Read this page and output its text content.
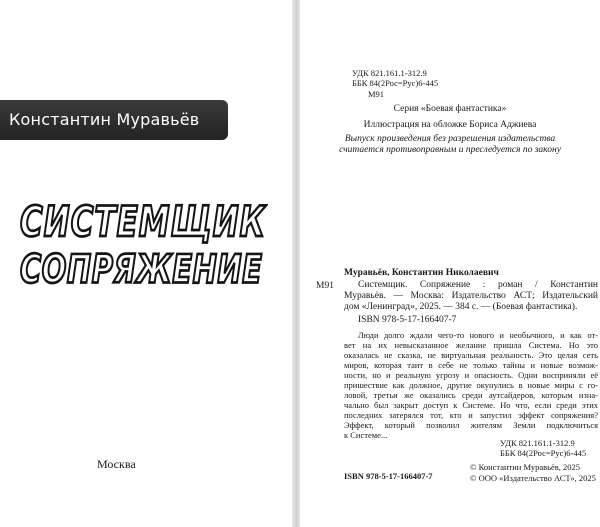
Константин Муравьёв
СИСТЕМЩИК
СОПРЯЖЕНИЕ
Москва
УДК 821.161.1-312.9
ББК 84(2Рос=Рус)6-445
М91
Серия «Боевая фантастика»
Иллюстрация на обложке Бориса Аджиева
Выпуск произведения без разрешения издательства
считается противоправным и преследуется по закону
Муравьёв, Константин Николаевич
М91	Системщик. Сопряжение : роман / Константин
Муравьёв. — Москва: Издательство АСТ; Издательский
дом «Ленинград», 2025. — 384 с. — (Боевая фантастика).
ISBN 978-5-17-166407-7
Люди долго ждали чего-то нового и необычного, и как от-
вет на их невысказанное желание пришла Система. Но это
оказалась не сказка, не виртуальная реальность. Это целая сеть
миров, которая таит в себе не только тайны и новые возмож-
ности, но и реальную угрозу и опасность. Одни восприняли её
пришествие как должное, другие окунулись в новые миры с го-
ловой, третьи же оказались среди аутсайдеров, которым изна-
чально был закрыт доступ к Системе. Но что, если среди этих
последних затерялся тот, кто и запустил эффект сопряжения?
Эффект, который позволил жителям Земли подключиться
к Системе...
УДК 821.161.1-312.9
ББК 84(2Рос=Рус)6-445
ISBN 978-5-17-166407-7
© Константин Муравьёв, 2025
© ООО «Издательство АСТ», 2025
